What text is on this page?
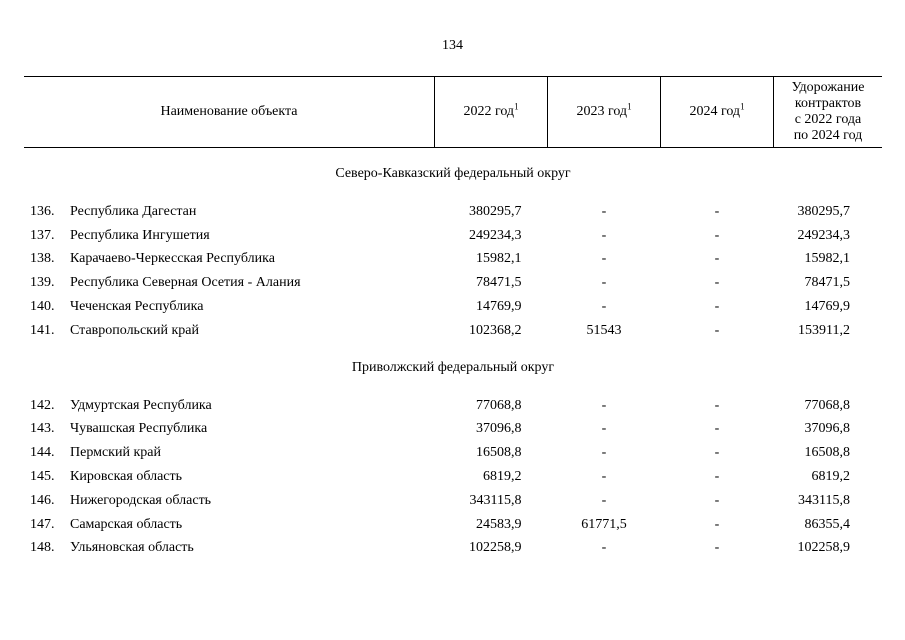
134
Наименование объекта	2022 год$^1$	2023 год$^1$	2024 год$^1$	Удорожание
контрактов
с 2022 года
по 2024 год

Северо-Кавказский федеральный округ				
136. Республика Дагестан	380295,7	-	-	380295,7
137. Республика Ингушетия	249234,3	-	-	249234,3
138. Карачаево-Черкесская Республика	15982,1	-	-	15982,1
139. Республика Северная Осетия - Алания	78471,5	-	-	78471,5
140. Чеченская Республика	14769,9	-	-	14769,9
141. Ставропольский край	102368,2	51543	-	153911,2
Приволжский федеральный округ				
142. Удмуртская Республика	77068,8	-	-	77068,8
143. Чувашская Республика	37096,8	-	-	37096,8
144. Пермский край	16508,8	-	-	16508,8
145. Кировская область	6819,2	-	-	6819,2
146. Нижегородская область	343115,8	-	-	343115,8
147. Самарская область	24583,9	61771,5	-	86355,4
148. Ульяновская область	102258,9	-	-	102258,9
